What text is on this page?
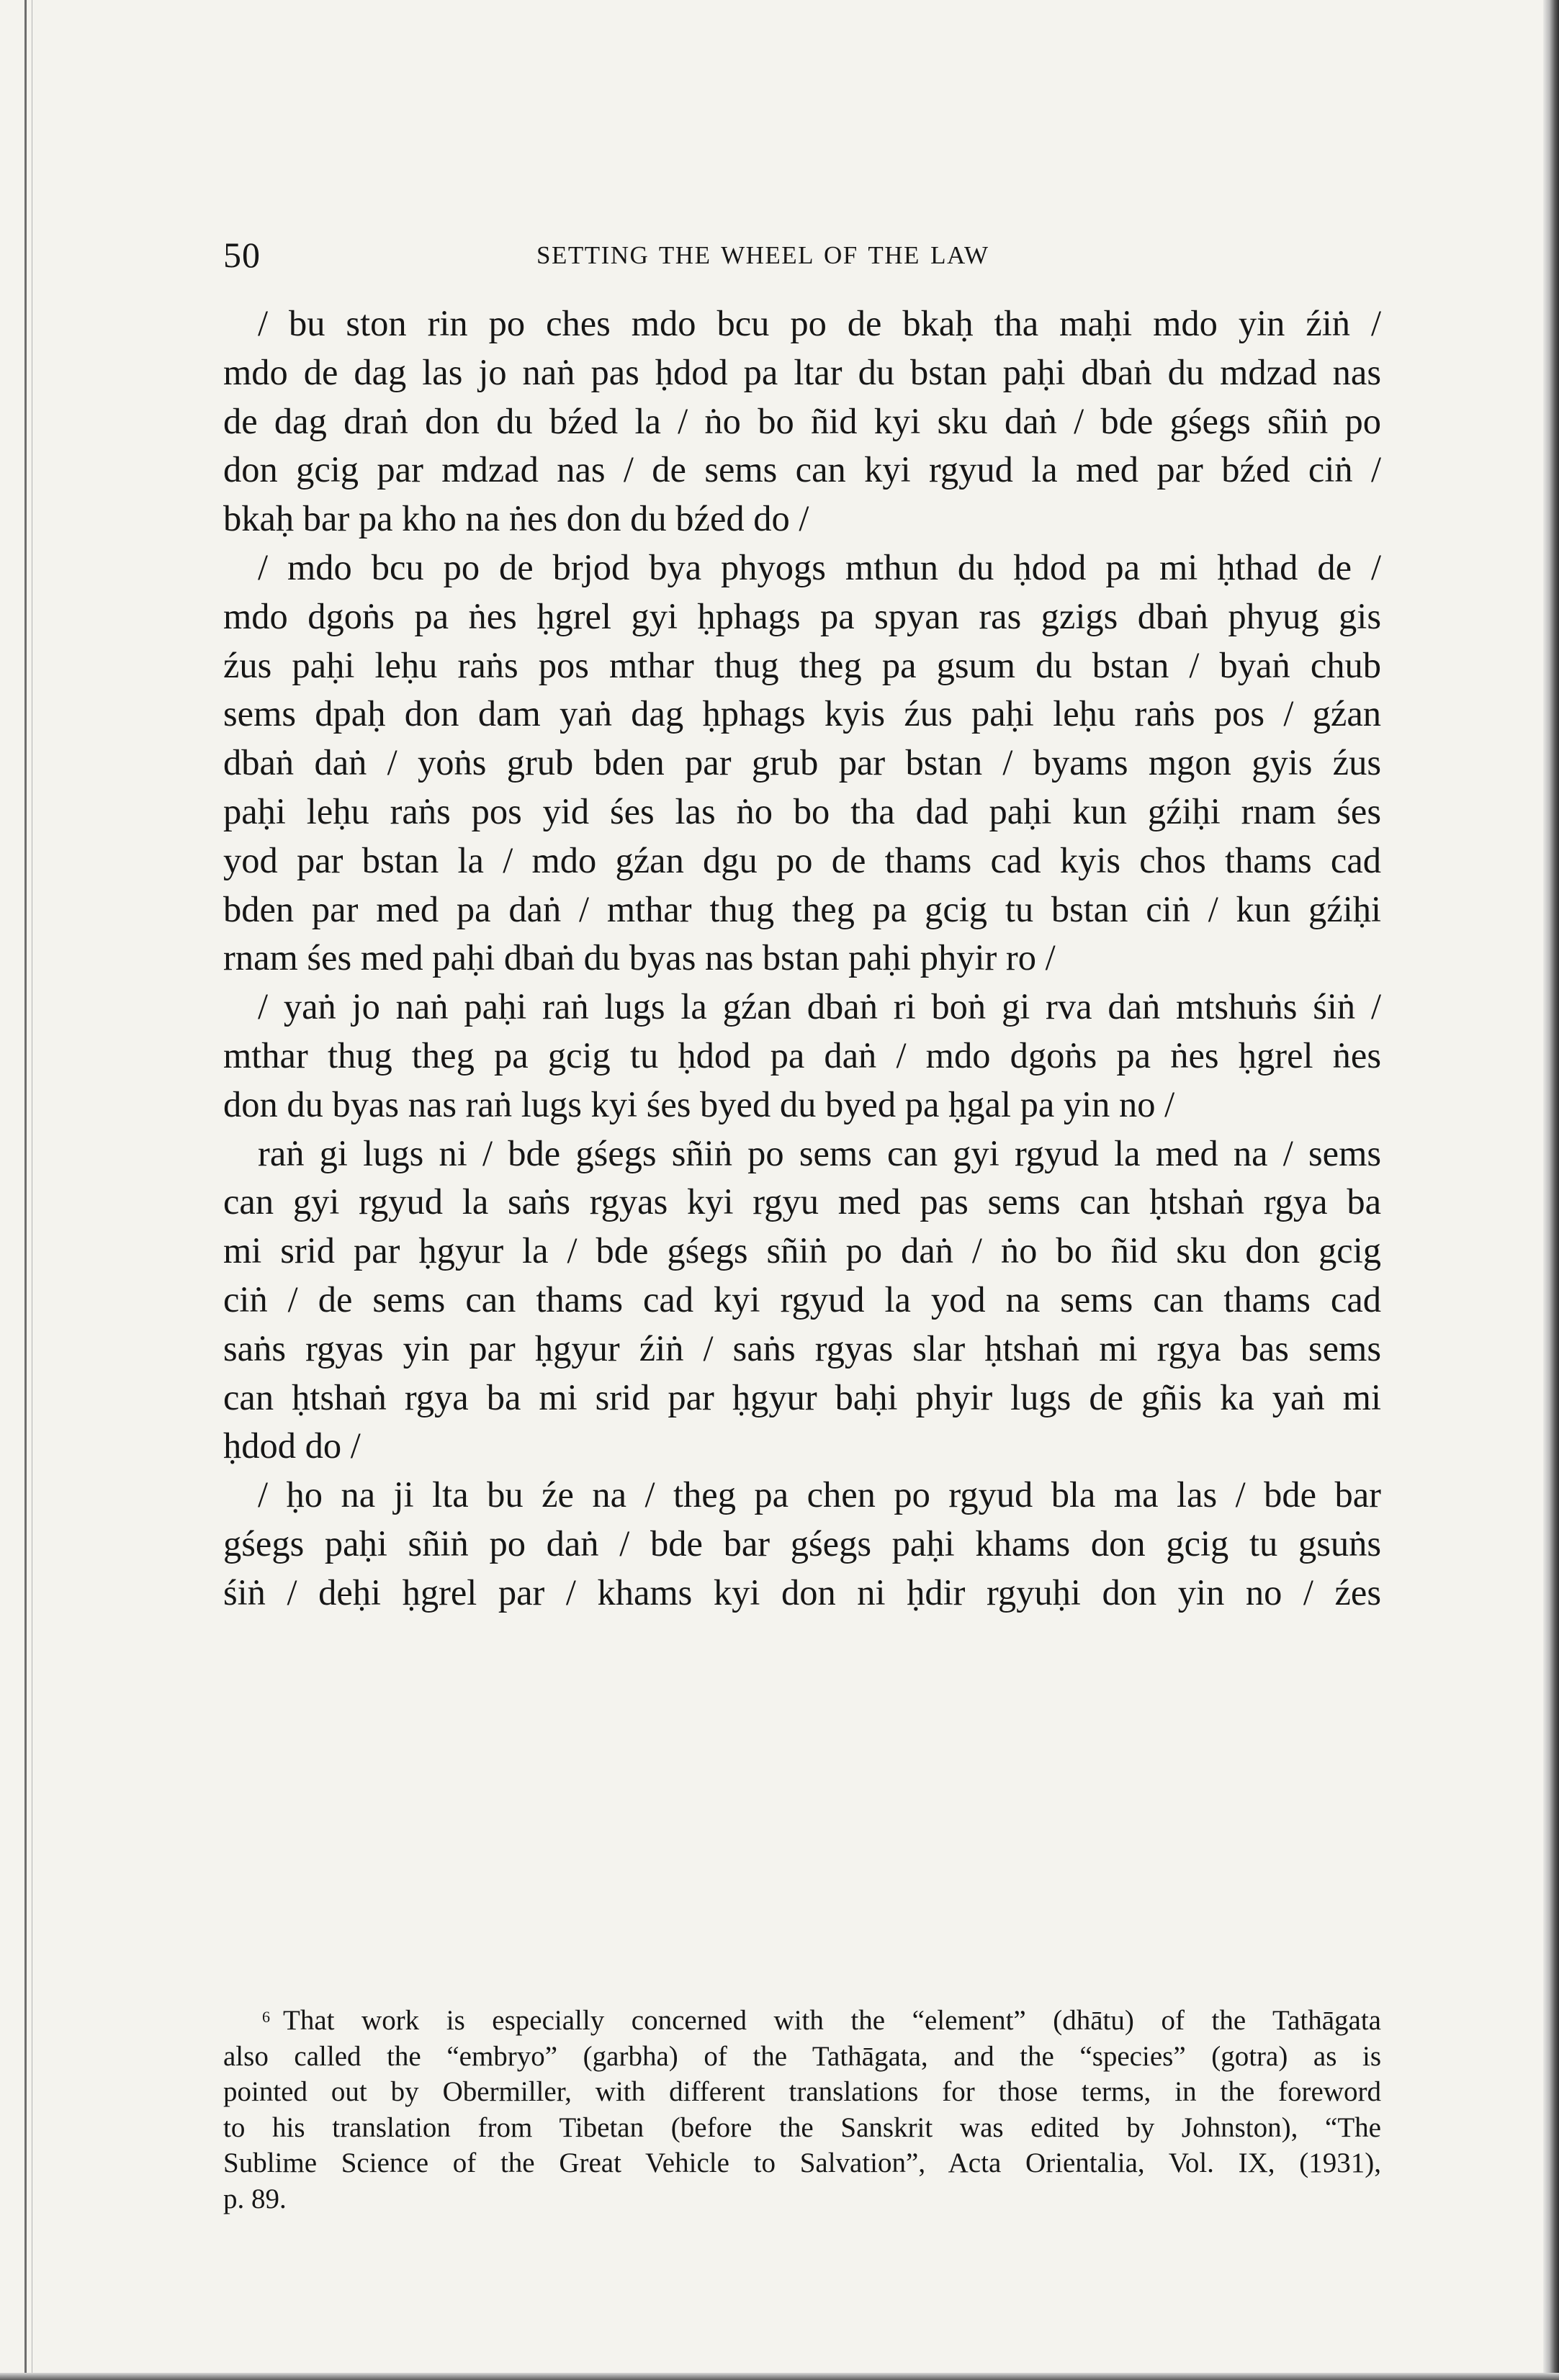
50	SETTING THE WHEEL OF THE LAW
/ bu ston rin po ches mdo bcu po de bkaḥ tha maḥi mdo yin źiṅ /
mdo de dag las jo naṅ pas ḥdod pa ltar du bstan paḥi dbaṅ du mdzad nas
de dag draṅ don du bźed la / ṅo bo ñid kyi sku daṅ / bde gśegs sñiṅ po
don gcig par mdzad nas / de sems can kyi rgyud la med par bźed ciṅ /
bkaḥ bar pa kho na ṅes don du bźed do /
/ mdo bcu po de brjod bya phyogs mthun du ḥdod pa mi ḥthad de /
mdo dgoṅs pa ṅes ḥgrel gyi ḥphags pa spyan ras gzigs dbaṅ phyug gis
źus paḥi leḥu raṅs pos mthar thug theg pa gsum du bstan / byaṅ chub
sems dpaḥ don dam yaṅ dag ḥphags kyis źus paḥi leḥu raṅs pos / gźan
dbaṅ daṅ / yoṅs grub bden par grub par bstan / byams mgon gyis źus
paḥi leḥu raṅs pos yid śes las ṅo bo tha dad paḥi kun gźiḥi rnam śes
yod par bstan la / mdo gźan dgu po de thams cad kyis chos thams cad
bden par med pa daṅ / mthar thug theg pa gcig tu bstan ciṅ / kun gźiḥi
rnam śes med paḥi dbaṅ du byas nas bstan paḥi phyir ro /
/ yaṅ jo naṅ paḥi raṅ lugs la gźan dbaṅ ri boṅ gi rva daṅ mtshuṅs śiṅ /
mthar thug theg pa gcig tu ḥdod pa daṅ / mdo dgoṅs pa ṅes ḥgrel ṅes
don du byas nas raṅ lugs kyi śes byed du byed pa ḥgal pa yin no /
raṅ gi lugs ni / bde gśegs sñiṅ po sems can gyi rgyud la med na / sems
can gyi rgyud la saṅs rgyas kyi rgyu med pas sems can ḥtshaṅ rgya ba
mi srid par ḥgyur la / bde gśegs sñiṅ po daṅ / ṅo bo ñid sku don gcig
ciṅ / de sems can thams cad kyi rgyud la yod na sems can thams cad
saṅs rgyas yin par ḥgyur źiṅ / saṅs rgyas slar ḥtshaṅ mi rgya bas sems
can ḥtshaṅ rgya ba mi srid par ḥgyur baḥi phyir lugs de gñis ka yaṅ mi
ḥdod do /
/ ḥo na ji lta bu źe na / theg pa chen po rgyud bla ma las / bde bar
gśegs paḥi sñiṅ po daṅ / bde bar gśegs paḥi khams don gcig tu gsuṅs
śiṅ / deḥi ḥgrel par / khams kyi don ni ḥdir rgyuḥi don yin no / źes
$^6$ That work is especially concerned with the “element” (dhātu) of the Tathāgata
also called the “embryo” (garbha) of the Tathāgata, and the “species” (gotra) as is
pointed out by Obermiller, with different translations for those terms, in the foreword
to his translation from Tibetan (before the Sanskrit was edited by Johnston), “The
Sublime Science of the Great Vehicle to Salvation”, Acta Orientalia, Vol. IX, (1931),
p. 89.
